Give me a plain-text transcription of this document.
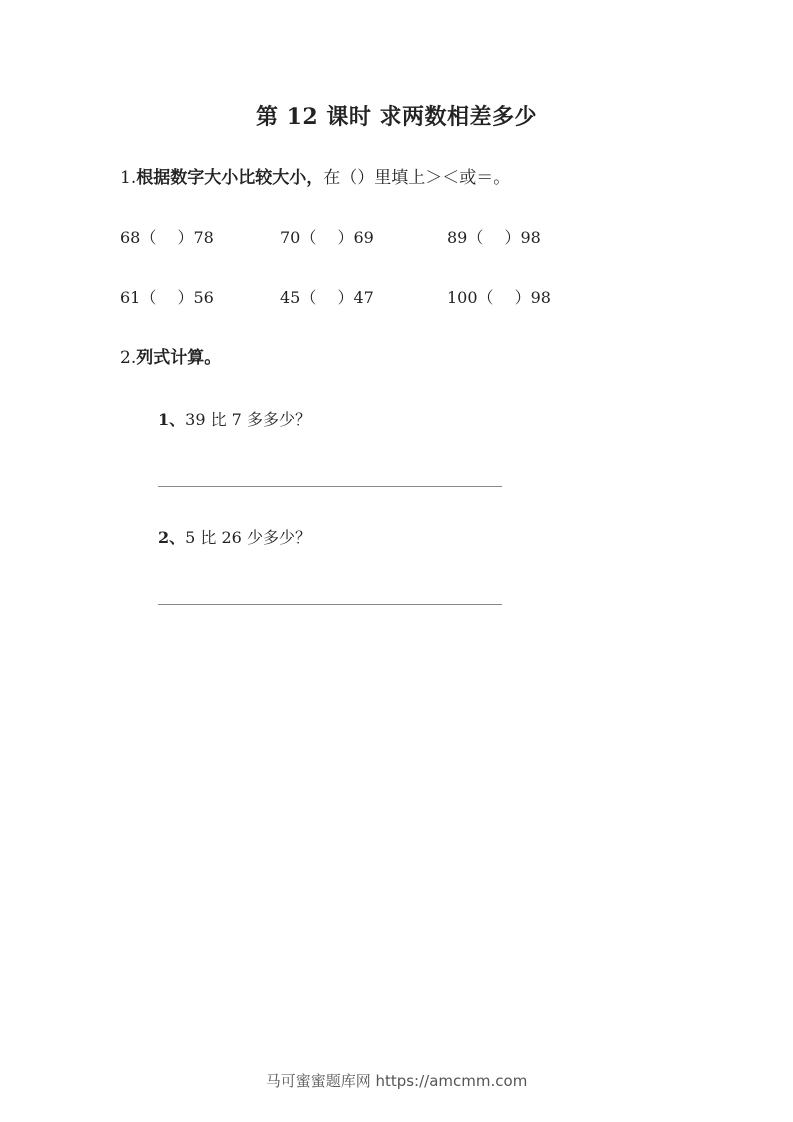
第 12 课时 求两数相差多少
1.根据数字大小比较大小，在（）里填上＞＜或＝。
68（　 ）78	70（　 ）69	89（　 ）98
61（　 ）56	45（　 ）47	100（　 ）98
2.列式计算。
1、39 比 7 多多少？
2、5 比 26 少多少？
马可蜜蜜题库网 https://amcmm.com
